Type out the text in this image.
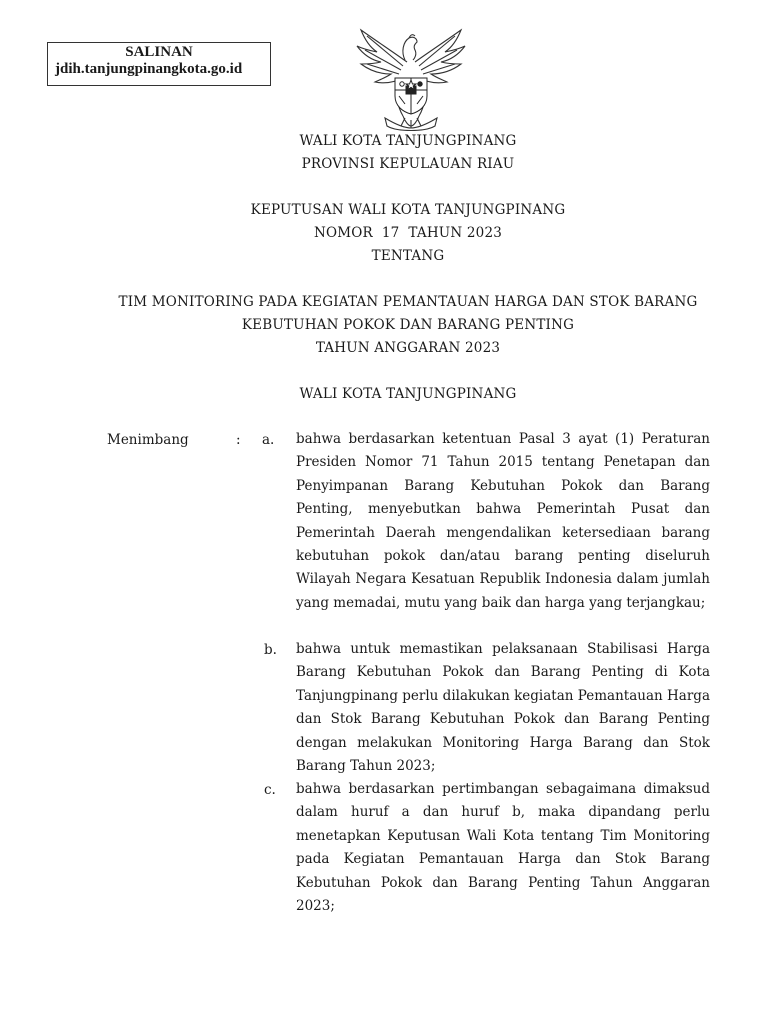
SALINAN
jdih.tanjungpinangkota.go.id
WALI KOTA TANJUNGPINANG
PROVINSI KEPULAUAN RIAU
KEPUTUSAN WALI KOTA TANJUNGPINANG
NOMOR  17  TAHUN 2023
TENTANG
TIM MONITORING PADA KEGIATAN PEMANTAUAN HARGA DAN STOK BARANG
KEBUTUHAN POKOK DAN BARANG PENTING
TAHUN ANGGARAN 2023
WALI KOTA TANJUNGPINANG
Menimbang	: a. bahwa berdasarkan ketentuan Pasal 3 ayat (1) Peraturan Presiden Nomor 71 Tahun 2015 tentang Penetapan dan Penyimpanan Barang Kebutuhan Pokok dan Barang Penting, menyebutkan bahwa Pemerintah Pusat dan Pemerintah Daerah mengendalikan ketersediaan barang kebutuhan pokok dan/atau barang penting diseluruh Wilayah Negara Kesatuan Republik Indonesia dalam jumlah yang memadai, mutu yang baik dan harga yang terjangkau;

b. bahwa untuk memastikan pelaksanaan Stabilisasi Harga Barang Kebutuhan Pokok dan Barang Penting di Kota Tanjungpinang perlu dilakukan kegiatan Pemantauan Harga dan Stok Barang Kebutuhan Pokok dan Barang Penting dengan melakukan Monitoring Harga Barang dan Stok Barang Tahun 2023;

c. bahwa berdasarkan pertimbangan sebagaimana dimaksud dalam huruf a dan huruf b, maka dipandang perlu menetapkan Keputusan Wali Kota tentang Tim Monitoring pada Kegiatan Pemantauan Harga dan Stok Barang Kebutuhan Pokok dan Barang Penting Tahun Anggaran 2023;
